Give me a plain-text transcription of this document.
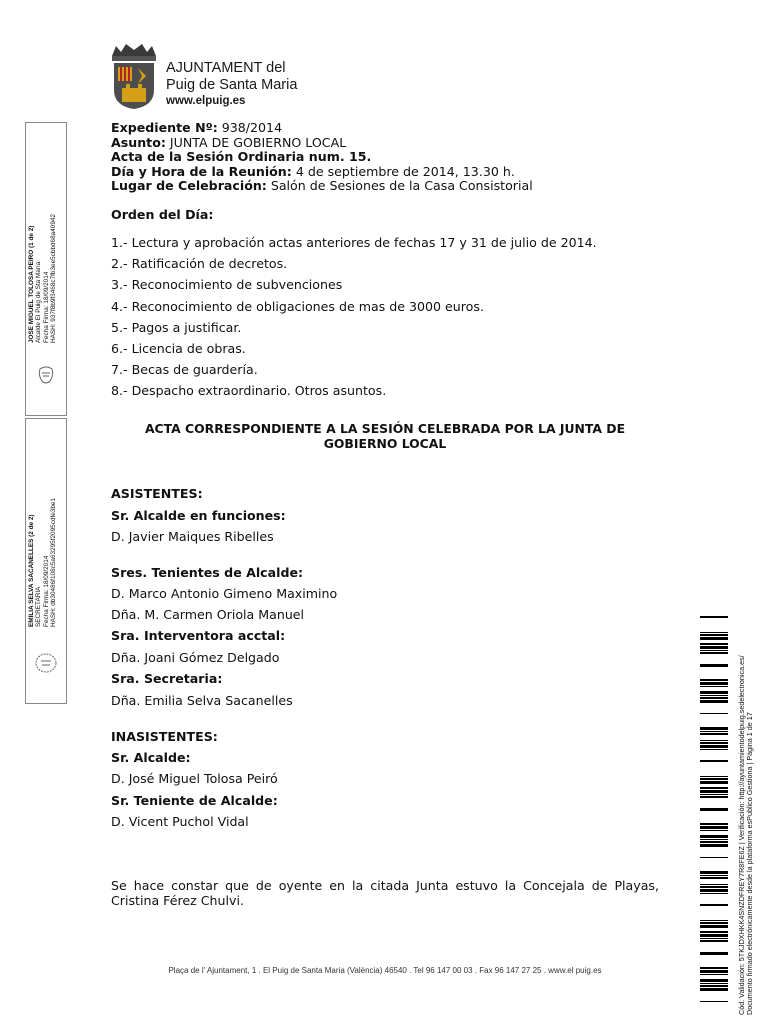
AJUNTAMENT del
Puig de Santa Maria
www.elpuig.es
Expediente Nº: 938/2014
Asunto: JUNTA DE GOBIERNO LOCAL
Acta de la Sesión Ordinaria num. 15.
Día y Hora de la Reunión: 4 de septiembre de 2014, 13.30 h.
Lugar de Celebración: Salón de Sesiones de la Casa Consistorial
Orden del Día:
1.- Lectura y aprobación actas anteriores de fechas 17 y 31 de julio de 2014.
2.- Ratificación de decretos.
3.- Reconocimiento de subvenciones
4.- Reconocimiento de obligaciones de mas de 3000 euros.
5.- Pagos a justificar.
6.- Licencia de obras.
7.- Becas de guardería.
8.- Despacho extraordinario. Otros asuntos.
ACTA CORRESPONDIENTE A LA SESIÓN CELEBRADA POR LA JUNTA DE GOBIERNO LOCAL
ASISTENTES:
Sr. Alcalde en funciones:
D. Javier Maiques Ribelles
Sres. Tenientes de Alcalde:
D. Marco Antonio Gimeno Maximino
Dña. M. Carmen Oriola Manuel
Sra. Interventora acctal:
Dña. Joani Gómez Delgado
Sra. Secretaria:
Dña. Emilia Selva Sacanelles
INASISTENTES:
Sr. Alcalde:
D. José Miguel Tolosa Peiró
Sr. Teniente de Alcalde:
D. Vicent Puchol Vidal
Se hace constar que de oyente en la citada Junta estuvo la Concejala de Playas, Cristina Férez Chulvi.
Plaça de l' Ajuntament, 1 . El Puig de Santa Maria (València) 46540 . Tel 96 147 00 03 . Fax 96 147 27 25 . www.el puig.es
JOSE MIGUEL TOLOSA PEIRO (1 de 2) Alcalde El Puig de Sta María Fecha Firma: 18/09/2014 HASH: 937f8b9f3468c7fb3ee5cbbd68a40942
EMILIA SELVA SACANELLES (2 de 2) SECRETARIA Fecha Firma: 18/09/2014 HASH: db30486f108c5a63295f2095cdfe3be1
Cód. Validación: 5TKJDXHKK4SNZDFREY7R8FE6Z | Verificación: http://ayuntamientodelpuig.sedelectronica.es/ Documento firmado electrónicamente desde la plataforma esPublico Gestiona | Página 1 de 17
